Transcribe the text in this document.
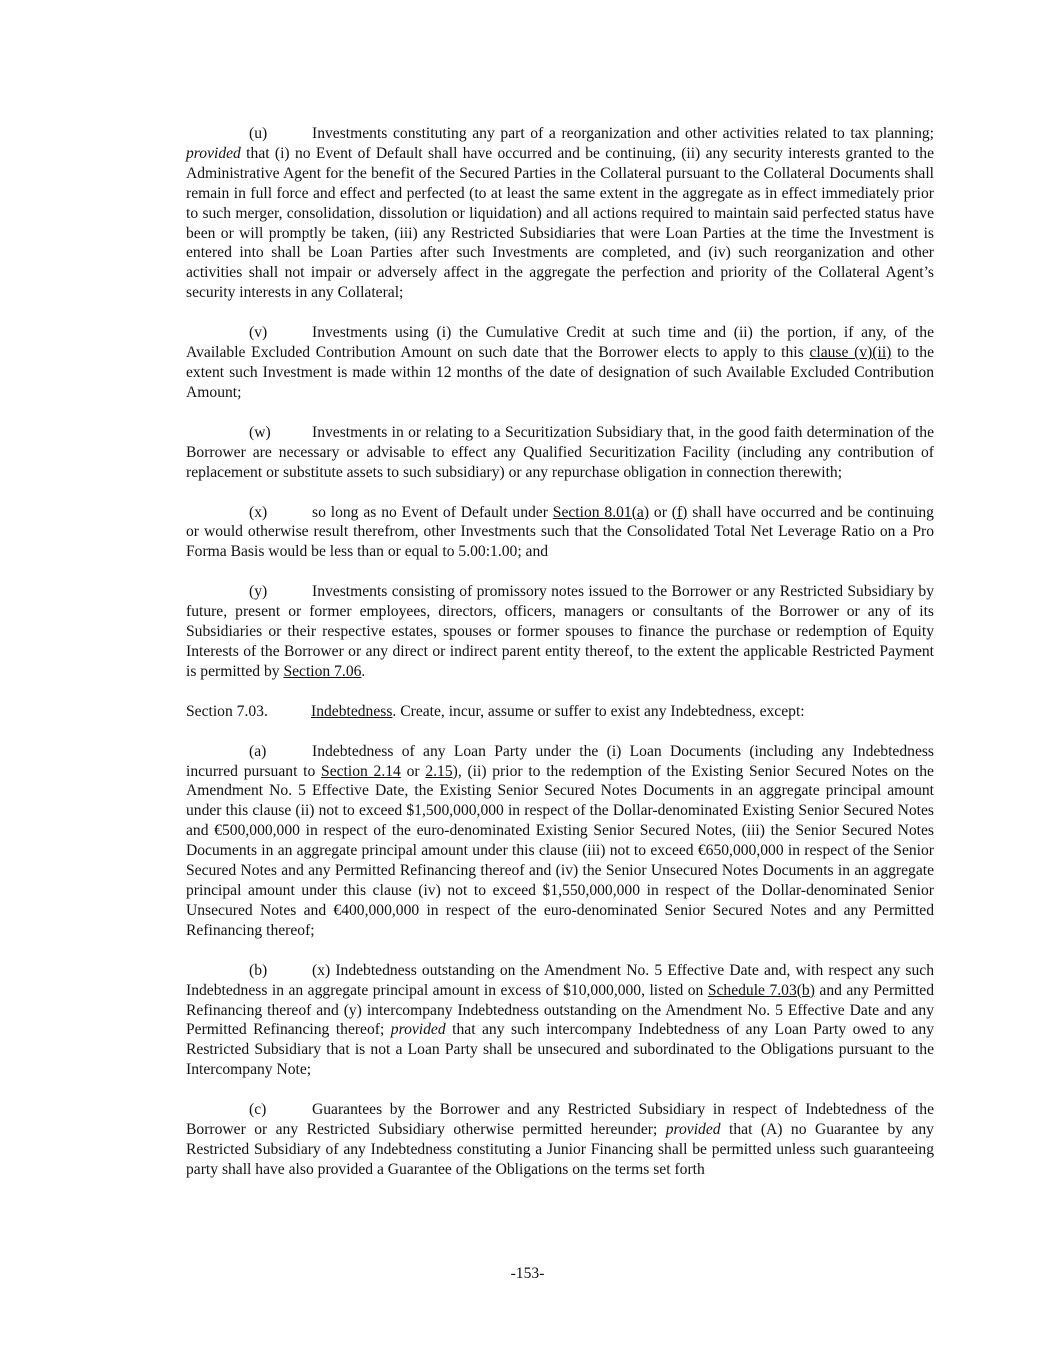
(u)	Investments constituting any part of a reorganization and other activities related to tax planning; provided that (i) no Event of Default shall have occurred and be continuing, (ii) any security interests granted to the Administrative Agent for the benefit of the Secured Parties in the Collateral pursuant to the Collateral Documents shall remain in full force and effect and perfected (to at least the same extent in the aggregate as in effect immediately prior to such merger, consolidation, dissolution or liquidation) and all actions required to maintain said perfected status have been or will promptly be taken, (iii) any Restricted Subsidiaries that were Loan Parties at the time the Investment is entered into shall be Loan Parties after such Investments are completed, and (iv) such reorganization and other activities shall not impair or adversely affect in the aggregate the perfection and priority of the Collateral Agent’s security interests in any Collateral;

(v)	Investments using (i) the Cumulative Credit at such time and (ii) the portion, if any, of the Available Excluded Contribution Amount on such date that the Borrower elects to apply to this clause (v)(ii) to the extent such Investment is made within 12 months of the date of designation of such Available Excluded Contribution Amount;

(w)	Investments in or relating to a Securitization Subsidiary that, in the good faith determination of the Borrower are necessary or advisable to effect any Qualified Securitization Facility (including any contribution of replacement or substitute assets to such subsidiary) or any repurchase obligation in connection therewith;

(x)	so long as no Event of Default under Section 8.01(a) or (f) shall have occurred and be continuing or would otherwise result therefrom, other Investments such that the Consolidated Total Net Leverage Ratio on a Pro Forma Basis would be less than or equal to 5.00:1.00; and

(y)	Investments consisting of promissory notes issued to the Borrower or any Restricted Subsidiary by future, present or former employees, directors, officers, managers or consultants of the Borrower or any of its Subsidiaries or their respective estates, spouses or former spouses to finance the purchase or redemption of Equity Interests of the Borrower or any direct or indirect parent entity thereof, to the extent the applicable Restricted Payment is permitted by Section 7.06.

Section 7.03.	Indebtedness. Create, incur, assume or suffer to exist any Indebtedness, except:

(a)	Indebtedness of any Loan Party under the (i) Loan Documents (including any Indebtedness incurred pursuant to Section 2.14 or 2.15), (ii) prior to the redemption of the Existing Senior Secured Notes on the Amendment No. 5 Effective Date, the Existing Senior Secured Notes Documents in an aggregate principal amount under this clause (ii) not to exceed $1,500,000,000 in respect of the Dollar-denominated Existing Senior Secured Notes and €500,000,000 in respect of the euro-denominated Existing Senior Secured Notes, (iii) the Senior Secured Notes Documents in an aggregate principal amount under this clause (iii) not to exceed €650,000,000 in respect of the Senior Secured Notes and any Permitted Refinancing thereof and (iv) the Senior Unsecured Notes Documents in an aggregate principal amount under this clause (iv) not to exceed $1,550,000,000 in respect of the Dollar-denominated Senior Unsecured Notes and €400,000,000 in respect of the euro-denominated Senior Secured Notes and any Permitted Refinancing thereof;

(b)	(x) Indebtedness outstanding on the Amendment No. 5 Effective Date and, with respect any such Indebtedness in an aggregate principal amount in excess of $10,000,000, listed on Schedule 7.03(b) and any Permitted Refinancing thereof and (y) intercompany Indebtedness outstanding on the Amendment No. 5 Effective Date and any Permitted Refinancing thereof; provided that any such intercompany Indebtedness of any Loan Party owed to any Restricted Subsidiary that is not a Loan Party shall be unsecured and subordinated to the Obligations pursuant to the Intercompany Note;

(c)	Guarantees by the Borrower and any Restricted Subsidiary in respect of Indebtedness of the Borrower or any Restricted Subsidiary otherwise permitted hereunder; provided that (A) no Guarantee by any Restricted Subsidiary of any Indebtedness constituting a Junior Financing shall be permitted unless such guaranteeing party shall have also provided a Guarantee of the Obligations on the terms set forth

-153-
